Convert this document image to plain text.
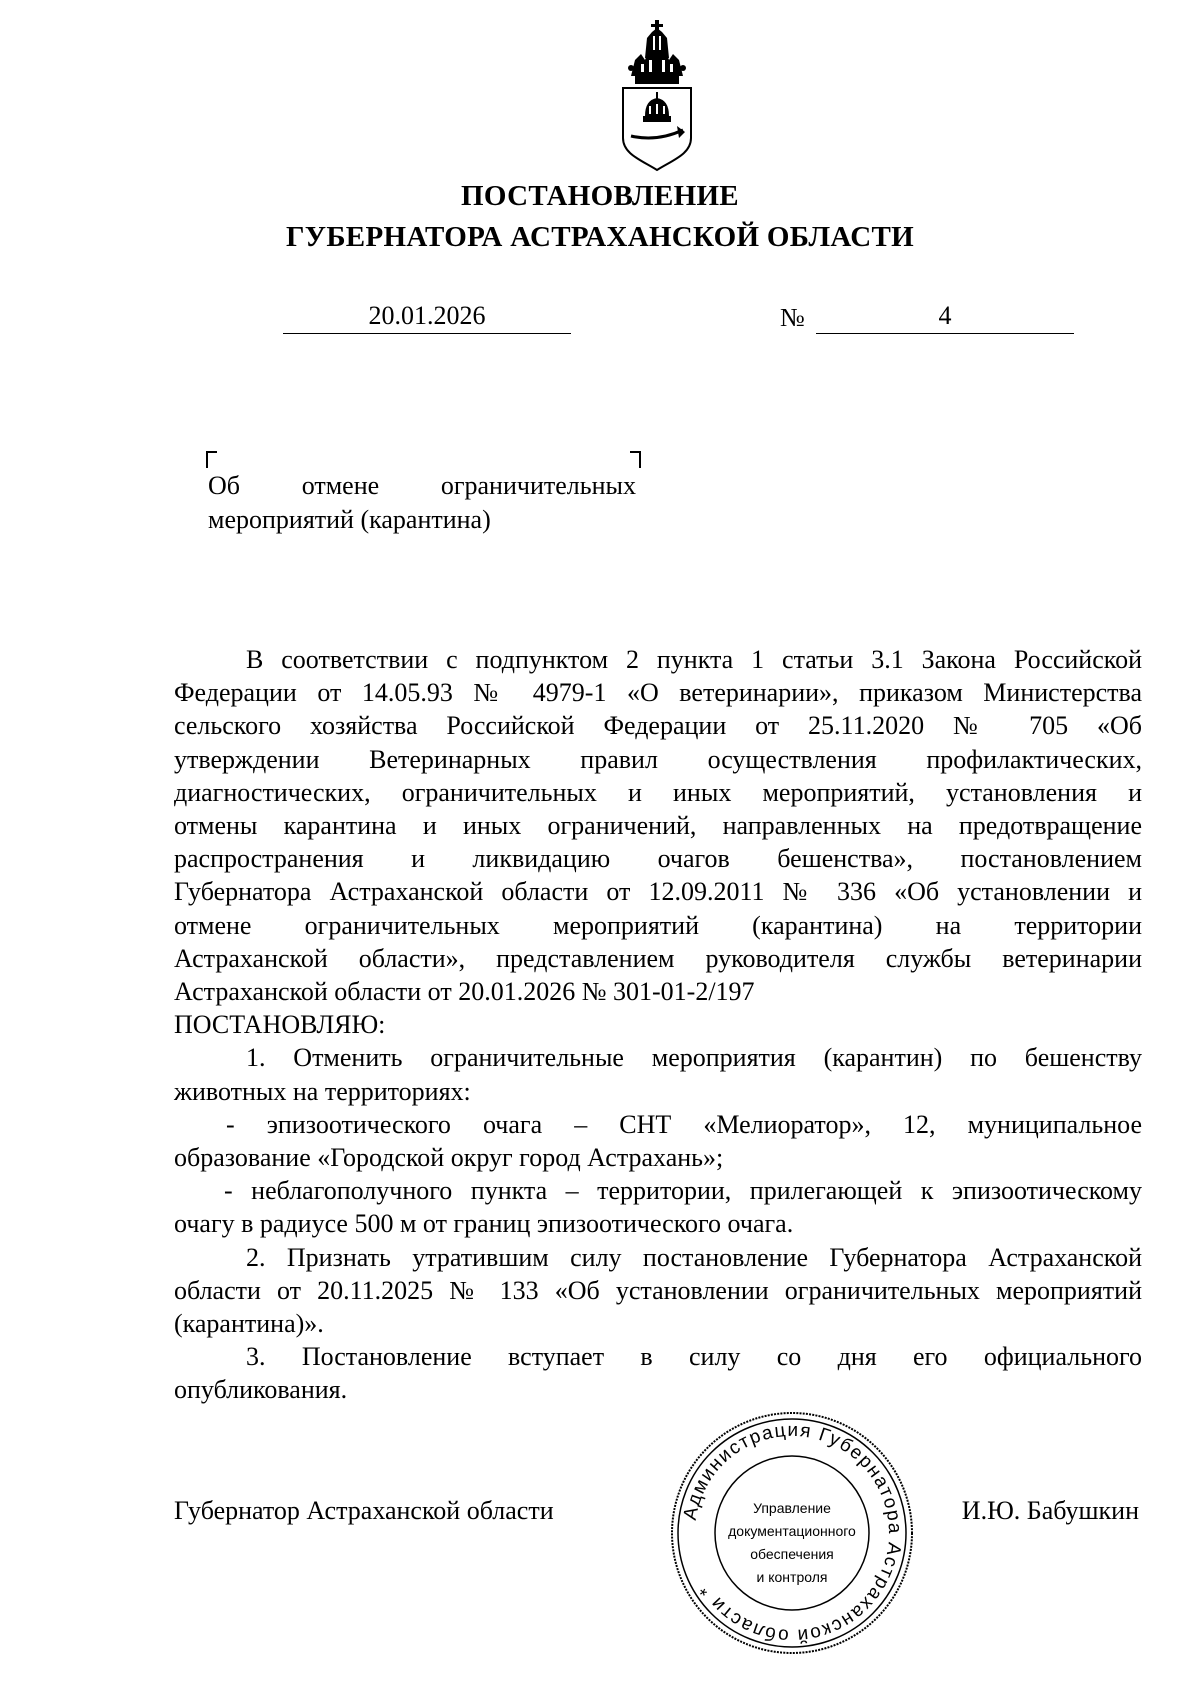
ПОСТАНОВЛЕНИЕ
ГУБЕРНАТОРА АСТРАХАНСКОЙ ОБЛАСТИ
20.01.2026	№	4
Об отмене ограничительных
мероприятий (карантина)
В соответствии с подпунктом 2 пункта 1 статьи 3.1 Закона Российской
Федерации от 14.05.93 № 4979-1 «О ветеринарии», приказом Министерства
сельского хозяйства Российской Федерации от 25.11.2020 № 705 «Об
утверждении Ветеринарных правил осуществления профилактических,
диагностических, ограничительных и иных мероприятий, установления и
отмены карантина и иных ограничений, направленных на предотвращение
распространения и ликвидацию очагов бешенства», постановлением
Губернатора Астраханской области от 12.09.2011 № 336 «Об установлении и
отмене ограничительных мероприятий (карантина) на территории
Астраханской области», представлением руководителя службы ветеринарии
Астраханской области от 20.01.2026 № 301-01-2/197
ПОСТАНОВЛЯЮ:
1. Отменить ограничительные мероприятия (карантин) по бешенству
животных на территориях:
- эпизоотического очага – СНТ «Мелиоратор», 12, муниципальное
образование «Городской округ город Астрахань»;
- неблагополучного пункта – территории, прилегающей к эпизоотическому
очагу в радиусе 500 м от границ эпизоотического очага.
2. Признать утратившим силу постановление Губернатора Астраханской
области от 20.11.2025 № 133 «Об установлении ограничительных мероприятий
(карантина)».
3. Постановление вступает в силу со дня его официального
опубликования.
Губернатор Астраханской области	И.Ю. Бабушкин
Администрация Губернатора Астраханской области *
Управление
документационного
обеспечения
и контроля
